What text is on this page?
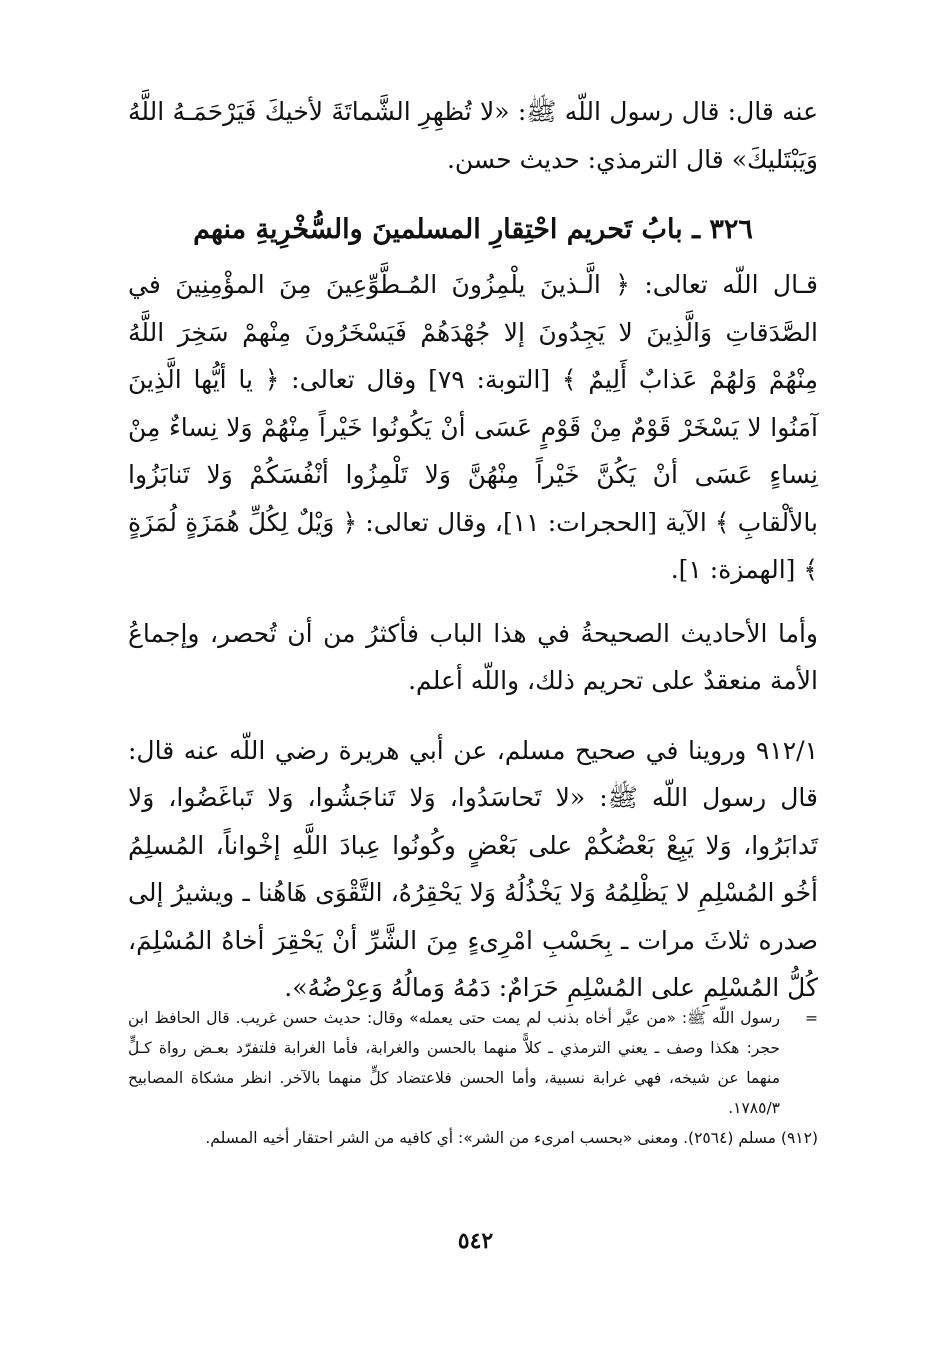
عنه قال: قال رسول اللّه ﷺ: «لا تُظهِرِ الشَّماتَةَ لأخيكَ فَيَرْحَمَـهُ اللَّهُ وَيَبْتَليكَ» قال الترمذي: حديث حسن.

٣٢٦ ـ بابُ تَحريم احْتِقارِ المسلمينَ والسُّخْرِيةِ منهم

قـال اللّه تعالى: ﴿ الَّـذينَ يلْمِزُونَ المُـطَّوِّعِينَ مِنَ المؤْمِنِينَ في الصَّدَقاتِ وَالَّذِينَ لا يَجِدُونَ إلا جُهْدَهُمْ فَيَسْخَرُونَ مِنْهمْ سَخِرَ اللَّهُ مِنْهُمْ وَلهُمْ عَذابٌ أَلِيمٌ ﴾ [التوبة: ٧٩] وقال تعالى: ﴿ يا أيُّها الَّذِينَ آمَنُوا لا يَسْخَرْ قَوْمٌ مِنْ قَوْمٍ عَسَى أنْ يَكُونُوا خَيْراً مِنْهُمْ وَلا نِساءٌ مِنْ نِساءٍ عَسَى أنْ يَكُنَّ خَيْراً مِنْهُنَّ وَلا تَلْمِزُوا أنْفُسَكُمْ وَلا تَنابَزُوا بالألْقابِ ﴾ الآية [الحجرات: ١١]، وقال تعالى: ﴿ وَيْلٌ لِكُلِّ هُمَزَةٍ لُمَزَةٍ ﴾ [الهمزة: ١].

وأما الأحاديث الصحيحةُ في هذا الباب فأكثرُ من أن تُحصر، وإجماعُ الأمة منعقدٌ على تحريم ذلك، واللّه أعلم.

٩١٢/١ وروينا في صحيح مسلم، عن أبي هريرة رضي اللّه عنه قال: قال رسول اللّه ﷺ: «لا تَحاسَدُوا، وَلا تَناجَشُوا، وَلا تَباغَضُوا، وَلا تَدابَرُوا، وَلا يَبِعْ بَعْضُكُمْ على بَعْضٍ وكُونُوا عِبادَ اللَّهِ إخْواناً، المُسلِمُ أخُو المُسْلِمِ لا يَظْلِمُهُ وَلا يَخْذُلُهُ وَلا يَحْقِرُهُ، التَّقْوَى هَاهُنا ـ ويشيرُ إلى صدره ثلاثَ مرات ـ بِحَسْبِ امْرِىءٍ مِنَ الشَّرِّ أنْ يَحْقِرَ أخاهُ المُسْلِمَ، كُلُّ المُسْلِمِ على المُسْلِمِ حَرَامٌ: دَمُهُ وَمالُهُ وَعِرْضُهُ».

=
رسول اللّه ﷺ: «من عيَّر أخاه بذنب لم يمت حتى يعمله» وقال: حديث حسن غريب. قال الحافظ ابن حجر: هكذا وصف ـ يعني الترمذي ـ كلاًّ منهما بالحسن والغرابة، فأما الغرابة فلتفرّد بعـض رواة كـلٍّ منهما عن شيخه، فهي غرابة نسبية، وأما الحسن فلاعتضاد كلٍّ منهما بالآخر. انظر مشكاة المصابيح ١٧٨٥/٣.

(٩١٢) مسلم (٢٥٦٤). ومعنى «بحسب امرىء من الشر»: أي كافيه من الشر احتقار أخيه المسلم.

٥٤٢
